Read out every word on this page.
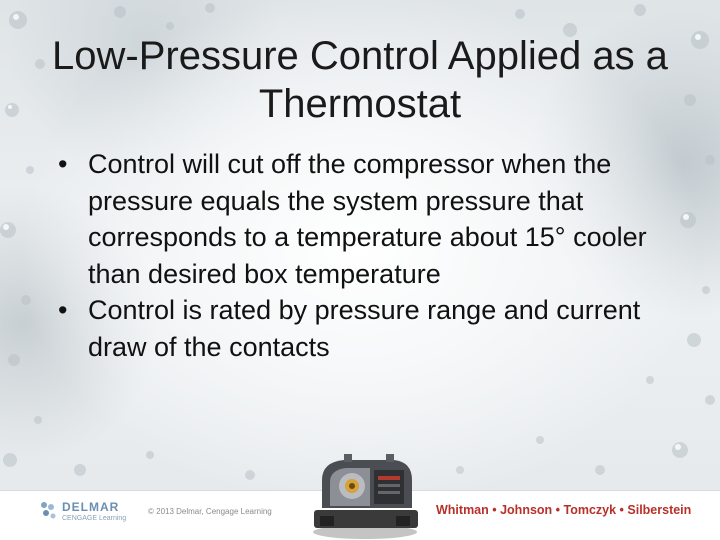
Low-Pressure Control Applied as a Thermostat
• Control will cut off the compressor when the pressure equals the system pressure that corresponds to a temperature about 15° cooler than desired box temperature
• Control is rated by pressure range and current draw of the contacts
DELMAR
CENGAGE Learning
© 2013 Delmar, Cengage Learning	Whitman • Johnson • Tomczyk • Silberstein
